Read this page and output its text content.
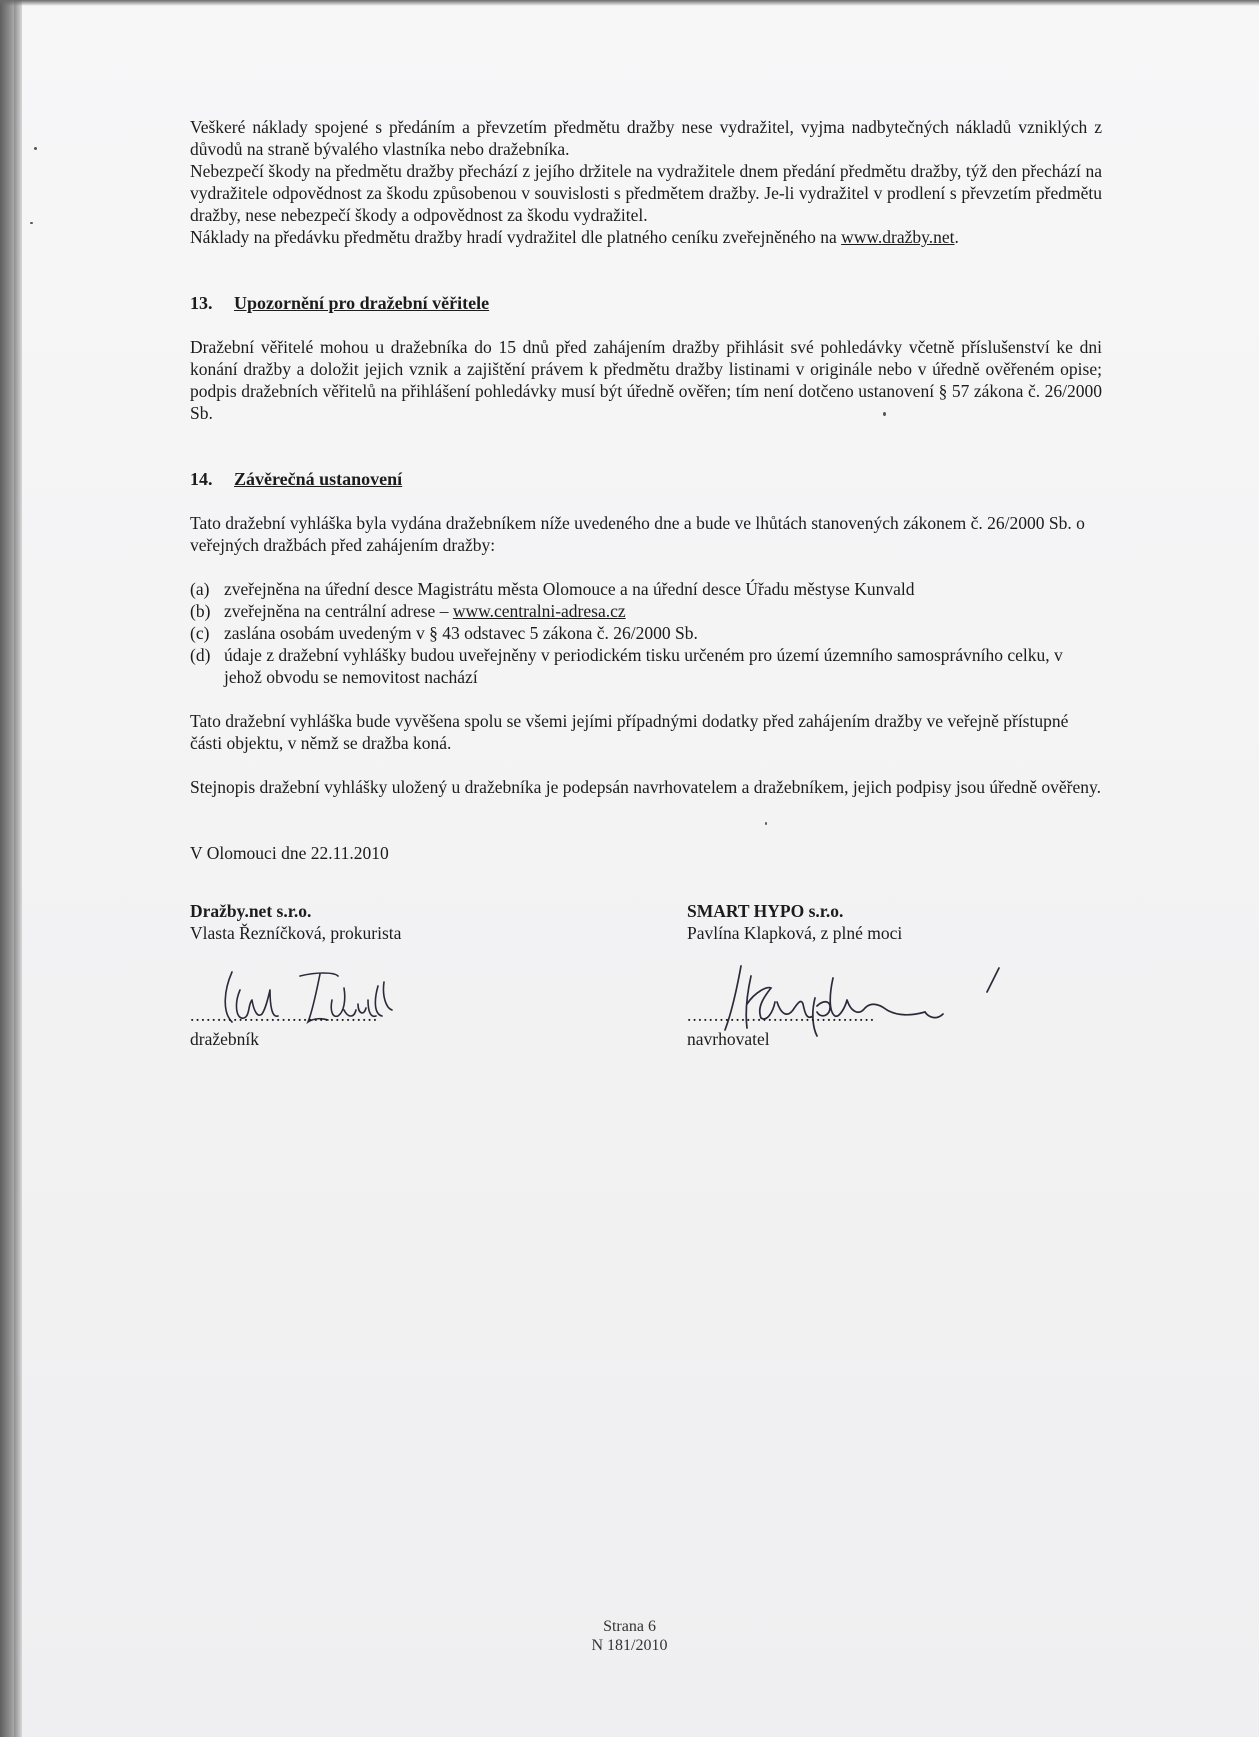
Veškeré náklady spojené s předáním a převzetím předmětu dražby nese vydražitel, vyjma nadbytečných nákladů vzniklých z důvodů na straně bývalého vlastníka nebo dražebníka.

Nebezpečí škody na předmětu dražby přechází z jejího držitele na vydražitele dnem předání předmětu dražby, týž den přechází na vydražitele odpovědnost za škodu způsobenou v souvislosti s předmětem dražby. Je-li vydražitel v prodlení s převzetím předmětu dražby, nese nebezpečí škody a odpovědnost za škodu vydražitel.

Náklady na předávku předmětu dražby hradí vydražitel dle platného ceníku zveřejněného na www.dražby.net.

13. Upozornění pro dražební věřitele

Dražební věřitelé mohou u dražebníka do 15 dnů před zahájením dražby přihlásit své pohledávky včetně příslušenství ke dni konání dražby a doložit jejich vznik a zajištění právem k předmětu dražby listinami v originále nebo v úředně ověřeném opise; podpis dražebních věřitelů na přihlášení pohledávky musí být úředně ověřen; tím není dotčeno ustanovení § 57 zákona č. 26/2000 Sb.

14. Závěrečná ustanovení

Tato dražební vyhláška byla vydána dražebníkem níže uvedeného dne a bude ve lhůtách stanovených zákonem č. 26/2000 Sb. o veřejných dražbách před zahájením dražby:

(a) zveřejněna na úřední desce Magistrátu města Olomouce a na úřední desce Úřadu městyse Kunvald
(b) zveřejněna na centrální adrese – www.centralni-adresa.cz
(c) zaslána osobám uvedeným v § 43 odstavec 5 zákona č. 26/2000 Sb.
(d) údaje z dražební vyhlášky budou uveřejněny v periodickém tisku určeném pro území územního samosprávního celku, v jehož obvodu se nemovitost nachází

Tato dražební vyhláška bude vyvěšena spolu se všemi jejími případnými dodatky před zahájením dražby ve veřejně přístupné části objektu, v němž se dražba koná.

Stejnopis dražební vyhlášky uložený u dražebníka je podepsán navrhovatelem a dražebníkem, jejich podpisy jsou úředně ověřeny.

V Olomouci dne 22.11.2010

Dražby.net s.r.o.
Vlasta Řezníčková, prokurista
...................................
dražebník
SMART HYPO s.r.o.
Pavlína Klapková, z plné moci
...................................
navrhovatel
Strana 6
N 181/2010
